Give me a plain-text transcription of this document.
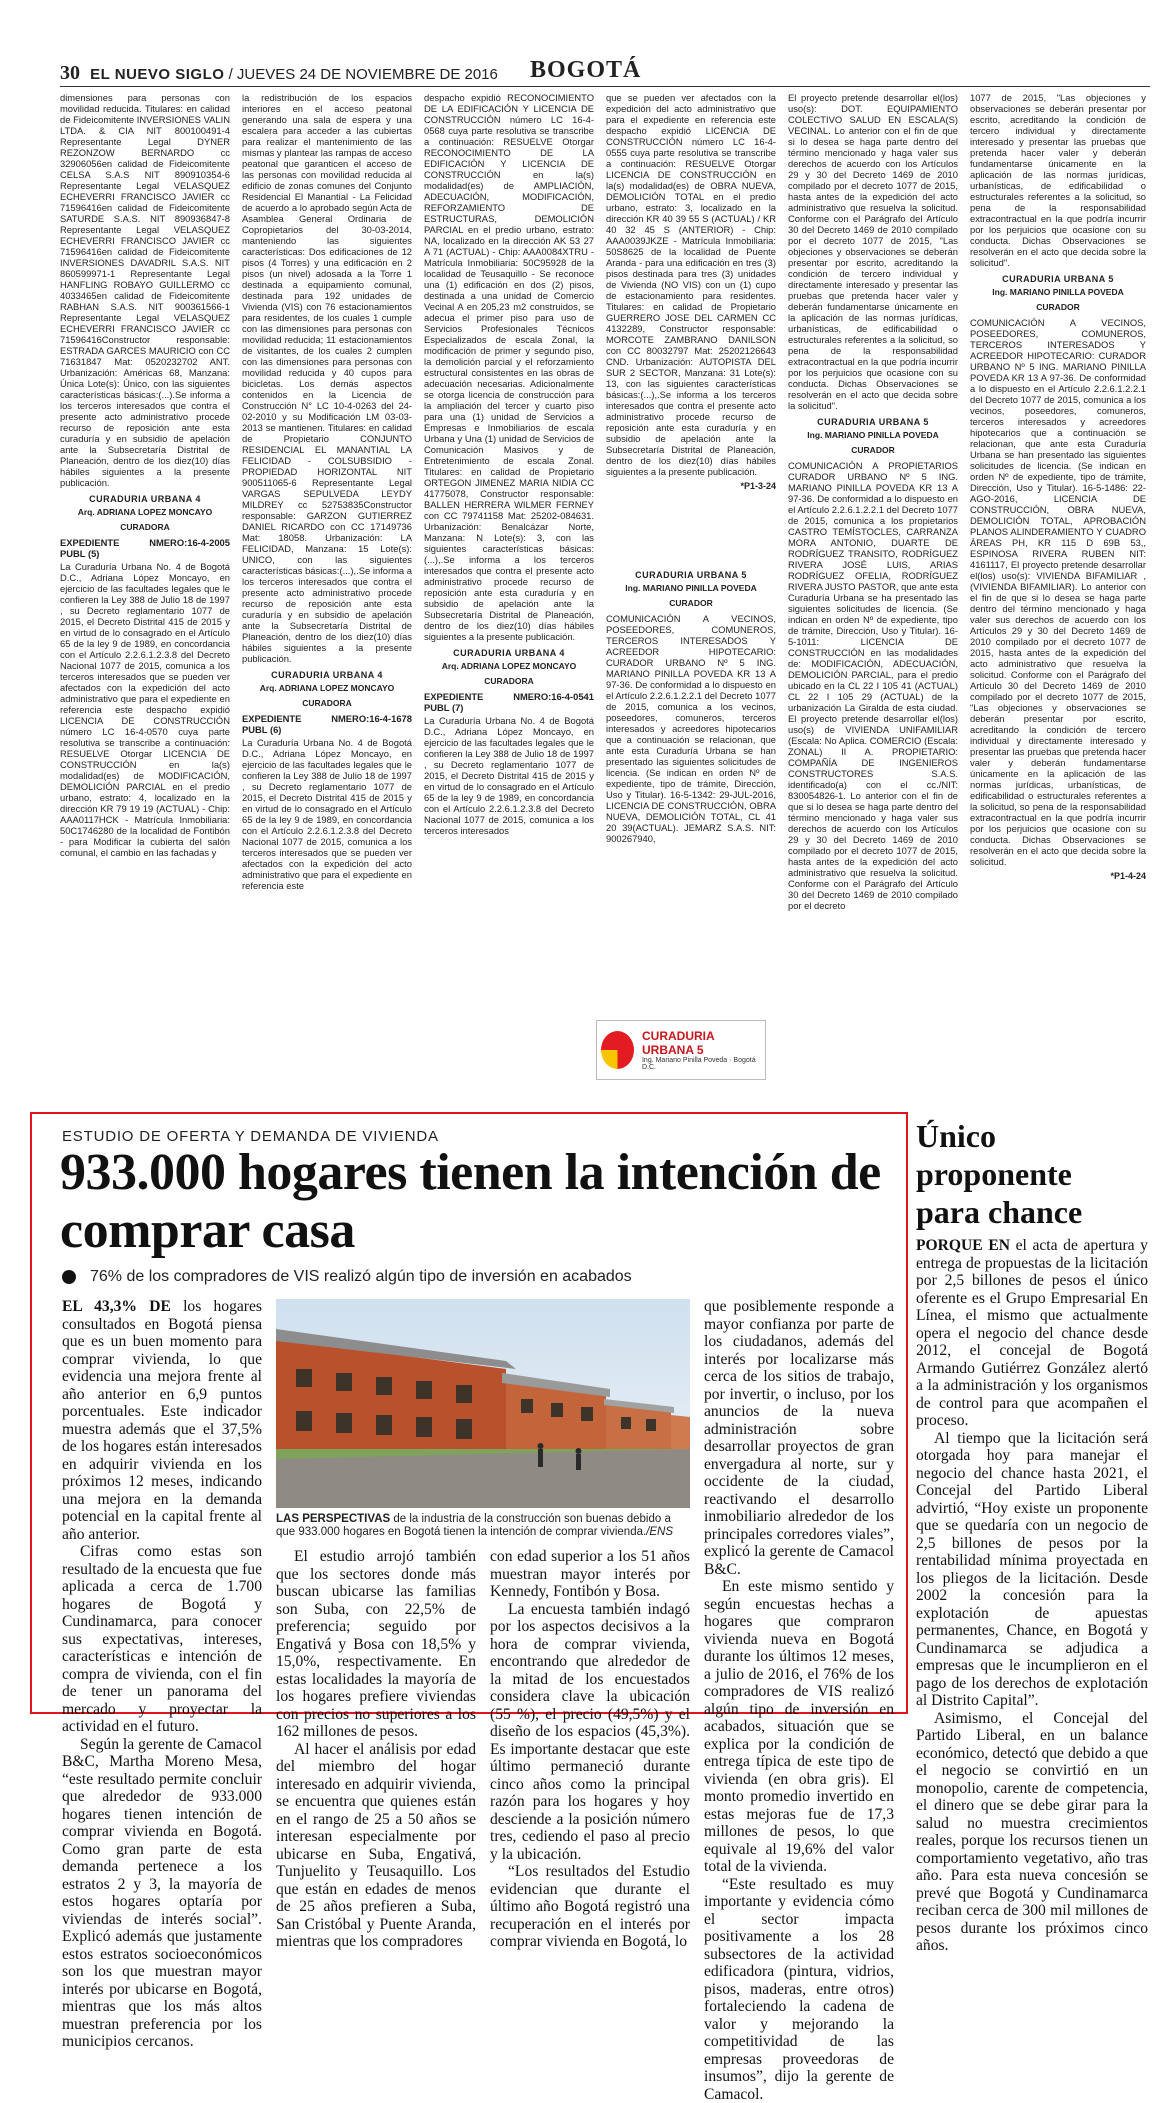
30 EL NUEVO SIGLO / JUEVES 24 DE NOVIEMBRE DE 2016 BOGOTÁ

dimensiones para personas con movilidad reducida. Titulares: en calidad de Fideicomitente INVERSIONES VALIN LTDA. & CIA NIT 800100491-4 Representante Legal DYNER REZONZOW BERNARDO cc 32906056en calidad de Fideicomitente CELSA S.A.S NIT 890910354-6 Representante Legal VELASQUEZ ECHEVERRI FRANCISCO JAVIER cc 71596416en calidad de Fideicomitente SATURDE S.A.S. NIT 890936847-8 Representante Legal VELASQUEZ ECHEVERRI FRANCISCO JAVIER cc 71596416en calidad de Fideicomitente INVERSIONES DAVADRIL S.A.S. NIT 860599971-1 Representante Legal HANFLING ROBAYO GUILLERMO cc 4033465en calidad de Fideicomitente RABHAN S.A.S. NIT 900361566-1 Representante Legal VELASQUEZ ECHEVERRI FRANCISCO JAVIER cc 71596416Constructor responsable: ESTRADA GARCES MAURICIO con CC 71631847 Mat: 0520232702 ANT. Urbanización: Américas 68, Manzana: Única Lote(s): Único, con las siguientes características básicas:(...).Se informa a los terceros interesados que contra el presente acto administrativo procede recurso de reposición ante esta curaduría y en subsidio de apelación ante la Subsecretaría Distrital de Planeación, dentro de los diez(10) días hábiles siguientes a la presente publicación.

CURADURIA URBANA 4
Arq. ADRIANA LOPEZ MONCAYO
CURADORA

EXPEDIENTE NMERO:16-4-2005 PUBL (5)

La Curaduría Urbana No. 4 de Bogotá D.C., Adriana López Moncayo, en ejercicio de las facultades legales que le confieren la Ley 388 de Julio 18 de 1997 , su Decreto reglamentario 1077 de 2015, el Decreto Distrital 415 de 2015 y en virtud de lo consagrado en el Artículo 65 de la ley 9 de 1989, en concordancia con el Artículo 2.2.6.1.2.3.8 del Decreto Nacional 1077 de 2015, comunica a los terceros interesados que se pueden ver afectados con la expedición del acto administrativo que para el expediente en referencia este despacho expidió LICENCIA DE CONSTRUCCIÓN número LC 16-4-0570 cuya parte resolutiva se transcribe a continuación: RESUELVE Otorgar LICENCIA DE CONSTRUCCIÓN en la(s) modalidad(es) de MODIFICACIÓN, DEMOLICIÓN PARCIAL en el predio urbano, estrato: 4, localizado en la dirección KR 79 19 19 (ACTUAL) - Chip: AAA0117HCK - Matrícula Inmobiliaria: 50C1746280 de la localidad de Fontibón - para Modificar la cubierta del salón comunal, el cambio en las fachadas y

la redistribución de los espacios interiores en el acceso peatonal generando una sala de espera y una escalera para acceder a las cubiertas para realizar el mantenimiento de las mismas y plantear las rampas de acceso peatonal que garanticen el acceso de las personas con movilidad reducida al edificio de zonas comunes del Conjunto Residencial El Manantial - La Felicidad de acuerdo a lo aprobado según Acta de Asamblea General Ordinaria de Copropietarios del 30-03-2014, manteniendo las siguientes características: Dos edificaciones de 12 pisos (4 Torres) y una edificación en 2 pisos (un nivel) adosada a la Torre 1 destinada a equipamiento comunal, destinada para 192 unidades de Vivienda (VIS) con 76 estacionamientos para residentes, de los cuales 1 cumple con las dimensiones para personas con movilidad reducida; 11 estacionamientos de visitantes, de los cuales 2 cumplen con las dimensiones para personas con movilidad reducida y 40 cupos para bicicletas. Los demás aspectos contenidos en la Licencia de Construcción N° LC 10-4-0263 del 24-02-2010 y su Modificación LM 03-03-2013 se mantienen. Titulares: en calidad de Propietario CONJUNTO RESIDENCIAL EL MANANTIAL LA FELICIDAD - COLSUBSIDIO - PROPIEDAD HORIZONTAL NIT 900511065-6 Representante Legal VARGAS SEPULVEDA LEYDY MILDREY cc 52753835Constructor responsable: GARZON GUTIERREZ DANIEL RICARDO con CC 17149736 Mat: 18058. Urbanización: LA FELICIDAD, Manzana: 15 Lote(s): UNICO, con las siguientes características básicas:(...),.Se informa a los terceros interesados que contra el presente acto administrativo procede recurso de reposición ante esta curaduría y en subsidio de apelación ante la Subsecretaría Distrital de Planeación, dentro de los diez(10) días hábiles siguientes a la presente publicación.

CURADURIA URBANA 4
Arq. ADRIANA LOPEZ MONCAYO
CURADORA

EXPEDIENTE NMERO:16-4-1678 PUBL (6)

La Curaduría Urbana No. 4 de Bogotá D.C., Adriana López Moncayo, en ejercicio de las facultades legales que le confieren la Ley 388 de Julio 18 de 1997 , su Decreto reglamentario 1077 de 2015, el Decreto Distrital 415 de 2015 y en virtud de lo consagrado en el Artículo 65 de la ley 9 de 1989, en concordancia con el Artículo 2.2.6.1.2.3.8 del Decreto Nacional 1077 de 2015, comunica a los terceros interesados que se pueden ver afectados con la expedición del acto administrativo que para el expediente en referencia este

despacho expidió RECONOCIMIENTO DE LA EDIFICACIÓN Y LICENCIA DE CONSTRUCCIÓN número LC 16-4-0568 cuya parte resolutiva se transcribe a continuación: RESUELVE Otorgar RECONOCIMIENTO DE LA EDIFICACIÓN Y LICENCIA DE CONSTRUCCIÓN en la(s) modalidad(es) de AMPLIACIÓN, ADECUACIÓN, MODIFICACIÓN, REFORZAMIENTO DE ESTRUCTURAS, DEMOLICIÓN PARCIAL en el predio urbano, estrato: NA, localizado en la dirección AK 53 27 A 71 (ACTUAL) - Chip: AAA0084XTRU - Matrícula Inmobiliaria: 50C95928 de la localidad de Teusaquillo - Se reconoce una (1) edificación en dos (2) pisos, destinada a una unidad de Comercio Vecinal A en 205,23 m2 construidos, se adecua el primer piso para uso de Servicios Profesionales Técnicos Especializados de escala Zonal, la modificación de primer y segundo piso, la demolición parcial y el reforzamiento estructural consistentes en las obras de adecuación necesarias. Adicionalmente se otorga licencia de construcción para la ampliación del tercer y cuarto piso para una (1) unidad de Servicios a Empresas e Inmobiliarios de escala Urbana y Una (1) unidad de Servicios de Comunicación Masivos y de Entretenimiento de escala Zonal. Titulares: en calidad de Propietario ORTEGON JIMENEZ MARIA NIDIA CC 41775078, Constructor responsable: BALLEN HERRERA WILMER FERNEY con CC 79741158 Mat: 25202-084631. Urbanización: Benalcázar Norte, Manzana: N Lote(s): 3, con las siguientes características básicas:(...),.Se informa a los terceros interesados que contra el presente acto administrativo procede recurso de reposición ante esta curaduría y en subsidio de apelación ante la Subsecretaría Distrital de Planeación, dentro de los diez(10) días hábiles siguientes a la presente publicación.

CURADURIA URBANA 4
Arq. ADRIANA LOPEZ MONCAYO
CURADORA

EXPEDIENTE NMERO:16-4-0541 PUBL (7)

La Curaduría Urbana No. 4 de Bogotá D.C., Adriana López Moncayo, en ejercicio de las facultades legales que le confieren la Ley 388 de Julio 18 de 1997 , su Decreto reglamentario 1077 de 2015, el Decreto Distrital 415 de 2015 y en virtud de lo consagrado en el Artículo 65 de la ley 9 de 1989, en concordancia con el Artículo 2.2.6.1.2.3.8 del Decreto Nacional 1077 de 2015, comunica a los terceros interesados

que se pueden ver afectados con la expedición del acto administrativo que para el expediente en referencia este despacho expidió LICENCIA DE CONSTRUCCIÓN número LC 16-4-0555 cuya parte resolutiva se transcribe a continuación: RESUELVE Otorgar LICENCIA DE CONSTRUCCIÓN en la(s) modalidad(es) de OBRA NUEVA, DEMOLICIÓN TOTAL en el predio urbano, estrato: 3, localizado en la dirección KR 40 39 55 S (ACTUAL) / KR 40 32 45 S (ANTERIOR) - Chip: AAA0039JKZE - Matrícula Inmobiliaria: 50S8625 de la localidad de Puente Aranda - para una edificación en tres (3) pisos destinada para tres (3) unidades de Vivienda (NO VIS) con un (1) cupo de estacionamiento para residentes. Titulares: en calidad de Propietario GUERRERO JOSE DEL CARMEN CC 4132289, Constructor responsable: MORCOTE ZAMBRANO DANILSON con CC 80032797 Mat: 25202126643 CND. Urbanización: AUTOPISTA DEL SUR 2 SECTOR, Manzana: 31 Lote(s): 13, con las siguientes características básicas:(...),.Se informa a los terceros interesados que contra el presente acto administrativo procede recurso de reposición ante esta curaduría y en subsidio de apelación ante la Subsecretaría Distrital de Planeación, dentro de los diez(10) días hábiles siguientes a la presente publicación.

*P1-3-24
CURADURIA URBANA 5
Ing. MARIANO PINILLA POVEDA
CURADOR

COMUNICACIÓN A VECINOS, POSEEDORES, COMUNEROS, TERCEROS INTERESADOS Y ACREEDOR HIPOTECARIO: CURADOR URBANO Nº 5 ING. MARIANO PINILLA POVEDA KR 13 A 97-36. De conformidad a lo dispuesto en el Artículo 2.2.6.1.2.2.1 del Decreto 1077 de 2015, comunica a los vecinos, poseedores, comuneros, terceros interesados y acreedores hipotecarios que a continuación se relacionan, que ante esta Curaduría Urbana se han presentado las siguientes solicitudes de licencia. (Se indican en orden Nº de expediente, tipo de trámite, Dirección, Uso y Titular). 16-5-1342: 29-JUL-2016, LICENCIA DE CONSTRUCCIÓN, OBRA NUEVA, DEMOLICIÓN TOTAL, CL 41 20 39(ACTUAL). JEMARZ S.A.S. NIT: 900267940,

El proyecto pretende desarrollar el(los) uso(s): DOT. EQUIPAMIENTO COLECTIVO SALUD EN ESCALA(S) VECINAL. Lo anterior con el fin de que si lo desea se haga parte dentro del término mencionado y haga valer sus derechos de acuerdo con los Artículos 29 y 30 del Decreto 1469 de 2010 compilado por el decreto 1077 de 2015, hasta antes de la expedición del acto administrativo que resuelva la solicitud. Conforme con el Parágrafo del Artículo 30 del Decreto 1469 de 2010 compilado por el decreto 1077 de 2015, "Las objeciones y observaciones se deberán presentar por escrito, acreditando la condición de tercero individual y directamente interesado y presentar las pruebas que pretenda hacer valer y deberán fundamentarse únicamente en la aplicación de las normas jurídicas, urbanísticas, de edificabilidad o estructurales referentes a la solicitud, so pena de la responsabilidad extracontractual en la que podría incurrir por los perjuicios que ocasione con su conducta. Dichas Observaciones se resolverán en el acto que decida sobre la solicitud".

CURADURIA URBANA 5
Ing. MARIANO PINILLA POVEDA
CURADOR

COMUNICACIÓN A PROPIETARIOS CURADOR URBANO Nº 5 ING. MARIANO PINILLA POVEDA KR 13 A 97-36. De conformidad a lo dispuesto en el Artículo 2.2.6.1.2.2.1 del Decreto 1077 de 2015, comunica a los propietarios CASTRO TEMÍSTOCLES, CARRANZA MORA ANTONIO, DUARTE DE RODRÍGUEZ TRANSITO, RODRÍGUEZ RIVERA JOSÉ LUIS, ARIAS RODRÍGUEZ OFELIA, RODRÍGUEZ RIVERA JUSTO PASTOR, que ante esta Curaduría Urbana se ha presentado las siguientes solicitudes de licencia. (Se indican en orden Nº de expediente, tipo de trámite, Dirección, Uso y Titular). 16-5-1011: LICENCIA DE CONSTRUCCIÓN en las modalidades de: MODIFICACIÓN, ADECUACIÓN, DEMOLICIÓN PARCIAL, para el predio ubicado en la CL 22 I 105 41 (ACTUAL) CL 22 I 105 29 (ACTUAL) de la urbanización La Giralda de esta ciudad. El proyecto pretende desarrollar el(los) uso(s) de VIVIENDA UNIFAMILIAR (Escala: No Aplica. COMERCIO (Escala: ZONAL) II A. PROPIETARIO: COMPAÑÍA DE INGENIEROS CONSTRUCTORES S.A.S. identificado(a) con el cc./NIT: 830054826-1. Lo anterior con el fin de que si lo desea se haga parte dentro del término mencionado y haga valer sus derechos de acuerdo con los Artículos 29 y 30 del Decreto 1469 de 2010 compilado por el decreto 1077 de 2015, hasta antes de la expedición del acto administrativo que resuelva la solicitud. Conforme con el Parágrafo del Artículo 30 del Decreto 1469 de 2010 compilado por el decreto

1077 de 2015, "Las objeciones y observaciones se deberán presentar por escrito, acreditando la condición de tercero individual y directamente interesado y presentar las pruebas que pretenda hacer valer y deberán fundamentarse únicamente en la aplicación de las normas jurídicas, urbanísticas, de edificabilidad o estructurales referentes a la solicitud, so pena de la responsabilidad extracontractual en la que podría incurrir por los perjuicios que ocasione con su conducta. Dichas Observaciones se resolverán en el acto que decida sobre la solicitud".

CURADURIA URBANA 5
Ing. MARIANO PINILLA POVEDA
CURADOR

COMUNICACIÓN A VECINOS, POSEEDORES, COMUNEROS, TERCEROS INTERESADOS Y ACREEDOR HIPOTECARIO: CURADOR URBANO Nº 5 ING. MARIANO PINILLA POVEDA KR 13 A 97-36. De conformidad a lo dispuesto en el Artículo 2.2.6.1.2.2.1 del Decreto 1077 de 2015, comunica a los vecinos, poseedores, comuneros, terceros interesados y acreedores hipotecarios que a continuación se relacionan, que ante esta Curaduría Urbana se han presentado las siguientes solicitudes de licencia. (Se indican en orden Nº de expediente, tipo de trámite, Dirección, Uso y Titular). 16-5-1486: 22-AGO-2016, LICENCIA DE CONSTRUCCIÓN, OBRA NUEVA, DEMOLICIÓN TOTAL, APROBACIÓN PLANOS ALINDERAMIENTO Y CUADRO ÁREAS PH, KR 115 D 69B 53,, ESPINOSA RIVERA RUBEN NIT: 4161117, El proyecto pretende desarrollar el(los) uso(s): VIVIENDA BIFAMILIAR , (VIVIENDA BIFAMILIAR). Lo anterior con el fin de que si lo desea se haga parte dentro del término mencionado y haga valer sus derechos de acuerdo con los Artículos 29 y 30 del Decreto 1469 de 2010 compilado por el decreto 1077 de 2015, hasta antes de la expedición del acto administrativo que resuelva la solicitud. Conforme con el Parágrafo del Artículo 30 del Decreto 1469 de 2010 compilado por el decreto 1077 de 2015, "Las objeciones y observaciones se deberán presentar por escrito, acreditando la condición de tercero individual y directamente interesado y presentar las pruebas que pretenda hacer valer y deberán fundamentarse únicamente en la aplicación de las normas jurídicas, urbanísticas, de edificabilidad o estructurales referentes a la solicitud, so pena de la responsabilidad extracontractual en la que podría incurrir por los perjuicios que ocasione con su conducta. Dichas Observaciones se resolverán en el acto que decida sobre la solicitud.

*P1-4-24
CURADURIA URBANA 5
Ing. Mariano Pinilla Poveda · Bogotá D.C.
ESTUDIO DE OFERTA Y DEMANDA DE VIVIENDA
933.000 hogares tienen la intención de comprar casa
76% de los compradores de VIS realizó algún tipo de inversión en acabados

EL 43,3% DE los hogares consultados en Bogotá piensa que es un buen momento para comprar vivienda, lo que evidencia una mejora frente al año anterior en 6,9 puntos porcentuales. Este indicador muestra además que el 37,5% de los hogares están interesados en adquirir vivienda en los próximos 12 meses, indicando una mejora en la demanda potencial en la capital frente al año anterior.

Cifras como estas son resultado de la encuesta que fue aplicada a cerca de 1.700 hogares de Bogotá y Cundinamarca, para conocer sus expectativas, intereses, características e intención de compra de vivienda, con el fin de tener un panorama del mercado y proyectar la actividad en el futuro.

Según la gerente de Camacol B&C, Martha Moreno Mesa, “este resultado permite concluir que alrededor de 933.000 hogares tienen intención de comprar vivienda en Bogotá. Como gran parte de esta demanda pertenece a los estratos 2 y 3, la mayoría de estos hogares optaría por viviendas de interés social”. Explicó además que justamente estos estratos socioeconómicos son los que muestran mayor interés por ubicarse en Bogotá, mientras que los más altos muestran preferencia por los municipios cercanos.

LAS PERSPECTIVAS de la industria de la construcción son buenas debido a que 933.000 hogares en Bogotá tienen la intención de comprar vivienda./ENS

El estudio arrojó también que los sectores donde más buscan ubicarse las familias son Suba, con 22,5% de preferencia; seguido por Engativá y Bosa con 18,5% y 15,0%, respectivamente. En estas localidades la mayoría de los hogares prefiere viviendas con precios no superiores a los 162 millones de pesos.

Al hacer el análisis por edad del miembro del hogar interesado en adquirir vivienda, se encuentra que quienes están en el rango de 25 a 50 años se interesan especialmente por ubicarse en Suba, Engativá, Tunjuelito y Teusaquillo. Los que están en edades de menos de 25 años prefieren a Suba, San Cristóbal y Puente Aranda, mientras que los compradores

con edad superior a los 51 años muestran mayor interés por Kennedy, Fontibón y Bosa.

La encuesta también indagó por los aspectos decisivos a la hora de comprar vivienda, encontrando que alrededor de la mitad de los encuestados considera clave la ubicación (55 %), el precio (49,5%) y el diseño de los espacios (45,3%). Es importante destacar que este último permaneció durante cinco años como la principal razón para los hogares y hoy desciende a la posición número tres, cediendo el paso al precio y la ubicación.

“Los resultados del Estudio evidencian que durante el último año Bogotá registró una recuperación en el interés por comprar vivienda en Bogotá, lo

que posiblemente responde a mayor confianza por parte de los ciudadanos, además del interés por localizarse más cerca de los sitios de trabajo, por invertir, o incluso, por los anuncios de la nueva administración sobre desarrollar proyectos de gran envergadura al norte, sur y occidente de la ciudad, reactivando el desarrollo inmobiliario alrededor de los principales corredores viales”, explicó la gerente de Camacol B&C.

En este mismo sentido y según encuestas hechas a hogares que compraron vivienda nueva en Bogotá durante los últimos 12 meses, a julio de 2016, el 76% de los compradores de VIS realizó algún tipo de inversión en acabados, situación que se explica por la condición de entrega típica de este tipo de vivienda (en obra gris). El monto promedio invertido en estas mejoras fue de 17,3 millones de pesos, lo que equivale al 19,6% del valor total de la vivienda.

“Este resultado es muy importante y evidencia cómo el sector impacta positivamente a los 28 subsectores de la actividad edificadora (pintura, vidrios, pisos, maderas, entre otros) fortaleciendo la cadena de valor y mejorando la competitividad de las empresas proveedoras de insumos”, dijo la gerente de Camacol.

Único proponente para chance

PORQUE EN el acta de apertura y entrega de propuestas de la licitación por 2,5 billones de pesos el único oferente es el Grupo Empresarial En Línea, el mismo que actualmente opera el negocio del chance desde 2012, el concejal de Bogotá Armando Gutiérrez González alertó a la administración y los organismos de control para que acompañen el proceso.

Al tiempo que la licitación será otorgada hoy para manejar el negocio del chance hasta 2021, el Concejal del Partido Liberal advirtió, “Hoy existe un proponente que se quedaría con un negocio de 2,5 billones de pesos por la rentabilidad mínima proyectada en los pliegos de la licitación. Desde 2002 la concesión para la explotación de apuestas permanentes, Chance, en Bogotá y Cundinamarca se adjudica a empresas que le incumplieron en el pago de los derechos de explotación al Distrito Capital”.

Asimismo, el Concejal del Partido Liberal, en un balance económico, detectó que debido a que el negocio se convirtió en un monopolio, carente de competencia, el dinero que se debe girar para la salud no muestra crecimientos reales, porque los recursos tienen un comportamiento vegetativo, año tras año. Para esta nueva concesión se prevé que Bogotá y Cundinamarca reciban cerca de 300 mil millones de pesos durante los próximos cinco años.
